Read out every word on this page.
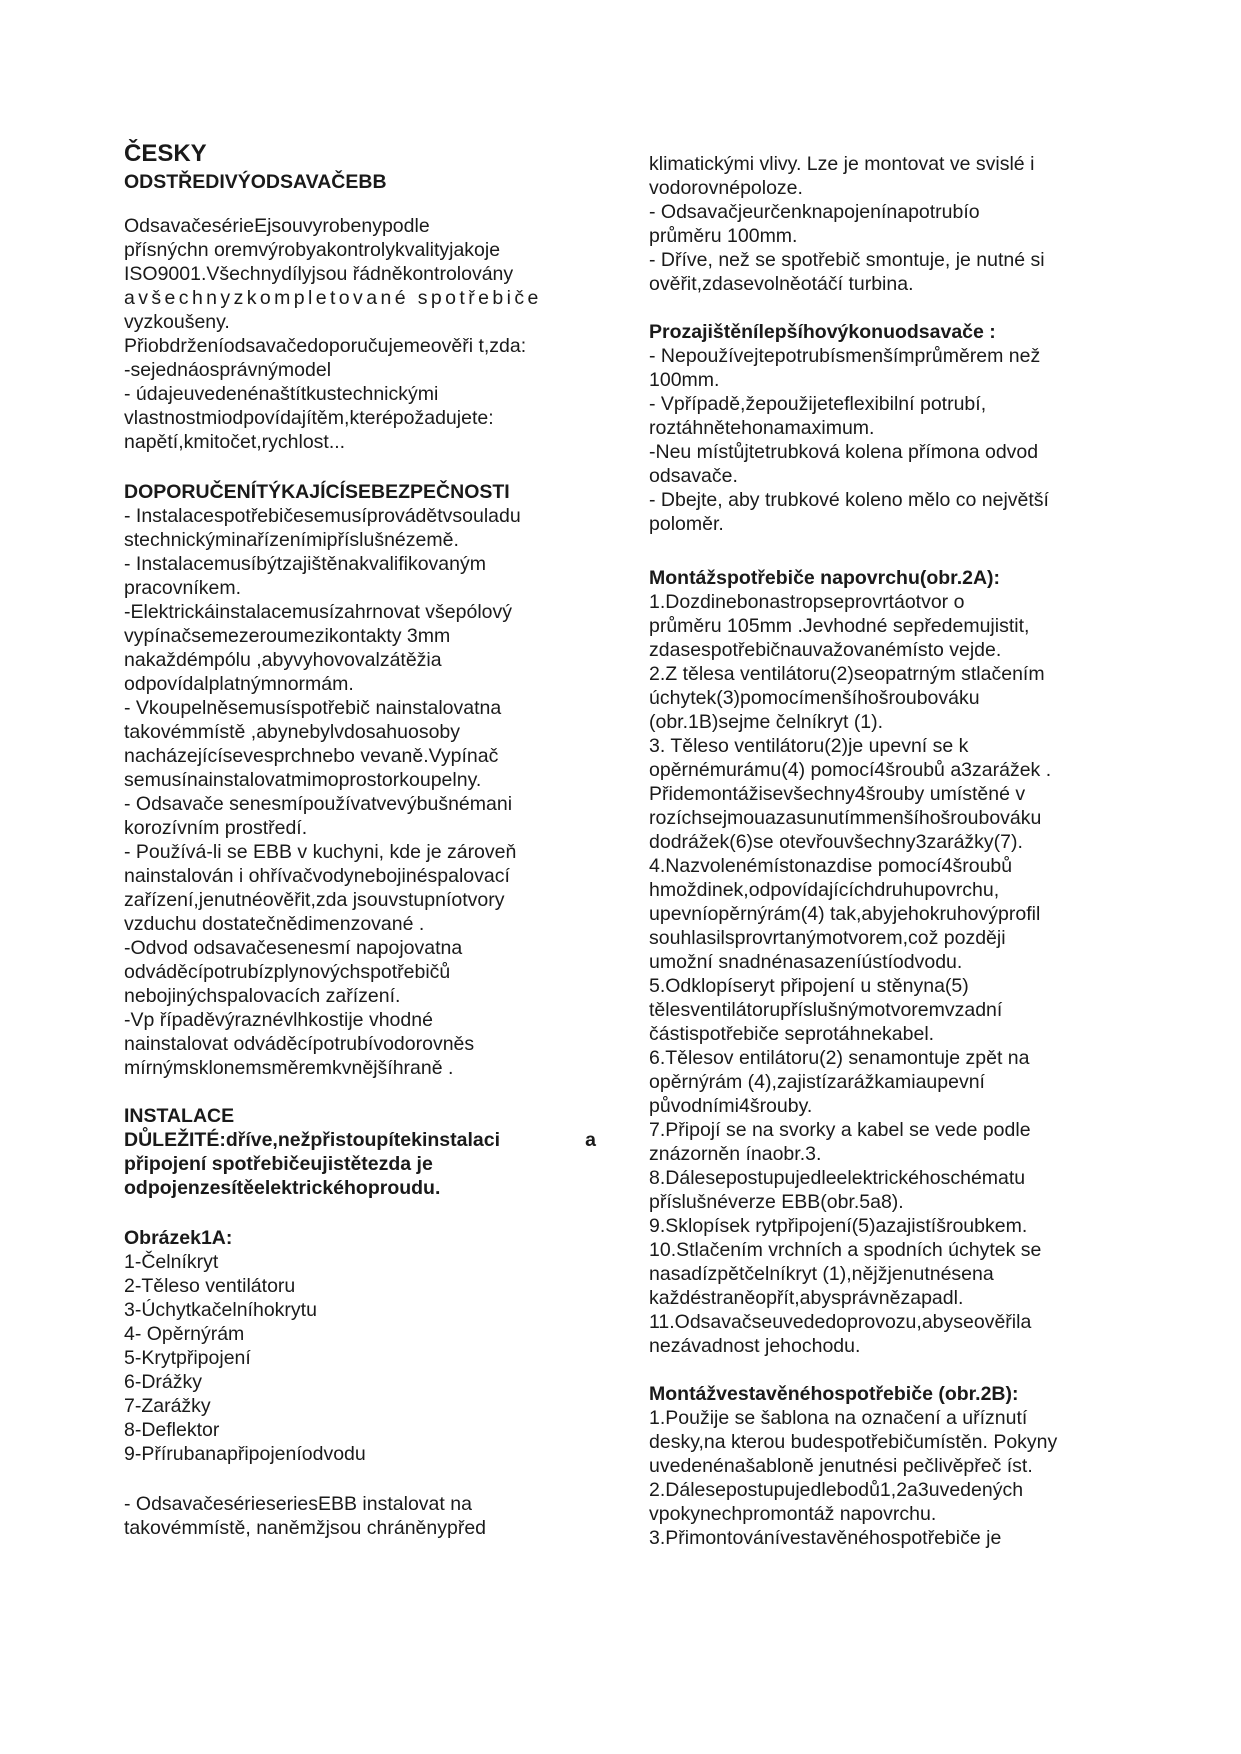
ČESKY
ODSTŘEDIVÝODSAVAČEBB
OdsavačesérieEjsouvyrobenypodle
přísnýchn oremvýrobyakontrolykvalityjakoje
ISO9001.Všechnydílyjsou řádněkontrolovány
avšechnyzkompletované spotřebiče
vyzkoušeny.
Přiobdrženíodsavačedoporučujemeověři t,zda:
-sejednáosprávnýmodel
- údajeuvedenénaštítkustechnickými
vlastnostmiodpovídajítěm,kterépožadujete:
napětí,kmitočet,rychlost...
DOPORUČENÍTÝKAJÍCÍSEBEZPEČNOSTI
- Instalacespotřebičesemusíprovádětvsouladu
stechnickýminařízenímipříslušnézemě.
- Instalacemusíbýtzajištěnakvalifikovaným
pracovníkem.
-Elektrickáinstalacemusízahrnovat všepólový
vypínačsemezeroumezikontakty 3mm
nakaždémpólu ,abyvyhovovalzátěžia
odpovídalplatnýmnormám.
- Vkoupelněsemusíspotřebič nainstalovatna
takovémmístě ,abynebylvdosahuosoby
nacházejícísevesprchnebo vevaně.Vypínač
semusínainstalovatmimoprostorkoupelny.
- Odsavače senesmípoužívatvevýbušnémani
korozívním prostředí.
- Používá-li se EBB v kuchyni, kde je zároveň
nainstalován i ohřívačvodynebojinéspalovací
zařízení,jenutnéověřit,zda jsouvstupníotvory
vzduchu dostatečnědimenzované .
-Odvod odsavačesenesmí napojovatna
odváděcípotrubízplynovýchspotřebičů
nebojinýchspalovacích zařízení.
-Vp řípaděvýraznévlhkostije vhodné
nainstalovat odváděcípotrubívodorovněs
mírnýmsklonemsměremkvnějšíhraně .
INSTALACE
DŮLEŽITÉ:dříve,nežpřistoupítekinstalaci	a
připojení spotřebičeujistětezda je
odpojenzesítěelektrickéhoproudu.
Obrázek1A:
1-Čelníkryt
2-Těleso ventilátoru
3-Úchytkačelníhokrytu
4- Opěrnýrám
5-Krytpřipojení
6-Drážky
7-Zarážky
8-Deflektor
9-Přírubanapřipojeníodvodu
- OdsavačesérieseriesEBB instalovat na
takovémmístě, naněmžjsou chráněnypřed
klimatickými vlivy. Lze je montovat ve svislé i
vodorovnépoloze.
- Odsavačjeurčenknapojenínapotrubío
průměru 100mm.
- Dříve, než se spotřebič smontuje, je nutné si
ověřit,zdasevolněotáčí turbina.
Prozajištěnílepšíhovýkonuodsavače :
- Nepoužívejtepotrubísmenšímprůměrem než
100mm.
- Vpřípadě,žepoužijeteflexibilní potrubí,
roztáhnětehonamaximum.
-Neu místůjtetrubková kolena přímona odvod
odsavače.
- Dbejte, aby trubkové koleno mělo co největší
poloměr.
Montážspotřebiče napovrchu(obr.2A):
1.Dozdinebonastropseprovrtáotvor o
průměru 105mm .Jevhodné sepředemujistit,
zdasespotřebičnauvažovanémísto vejde.
2.Z tělesa ventilátoru(2)seopatrným stlačením
úchytek(3)pomocímenšíhošroubováku
(obr.1B)sejme čelníkryt (1).
3. Těleso ventilátoru(2)je upevní se k
opěrnémurámu(4) pomocí4šroubů a3zarážek .
Přidemontážisevšechny4šrouby umístěné v
rozíchsejmouazasunutímmenšíhošroubováku
dodrážek(6)se otevřouvšechny3zarážky(7).
4.Nazvolenémístonazdise pomocí4šroubů
hmoždinek,odpovídajícíchdruhupovrchu,
upevníopěrnýrám(4) tak,abyjehokruhovýprofil
souhlasilsprovrtanýmotvorem,což později
umožní snadnénasazeníústíodvodu.
5.Odklopíseryt připojení u stěnyna(5)
tělesventilátorupříslušnýmotvoremvzadní
částispotřebiče seprotáhnekabel.
6.Tělesov entilátoru(2) senamontuje zpět na
opěrnýrám (4),zajistízarážkamiaupevní
původními4šrouby.
7.Připojí se na svorky a kabel se vede podle
znázorněn ínaobr.3.
8.Dálesepostupujedleelektrickéhoschématu
příslušnéverze EBB(obr.5a8).
9.Sklopísek rytpřipojení(5)azajistíšroubkem.
10.Stlačením vrchních a spodních úchytek se
nasadízpětčelníkryt (1),nějžjenutnésena
každéstraněopřít,abysprávnězapadl.
11.Odsavačseuvededoprovozu,abyseověřila
nezávadnost jehochodu.
Montážvestavěnéhospotřebiče (obr.2B):
1.Použije se šablona na označení a uříznutí
desky,na kterou budespotřebičumístěn. Pokyny
uvedenénašabloně jenutnési pečlivěpřeč íst.
2.Dálesepostupujedlebodů1,2a3uvedených
vpokynechpromontáž napovrchu.
3.Přimontovánívestavěnéhospotřebiče je
